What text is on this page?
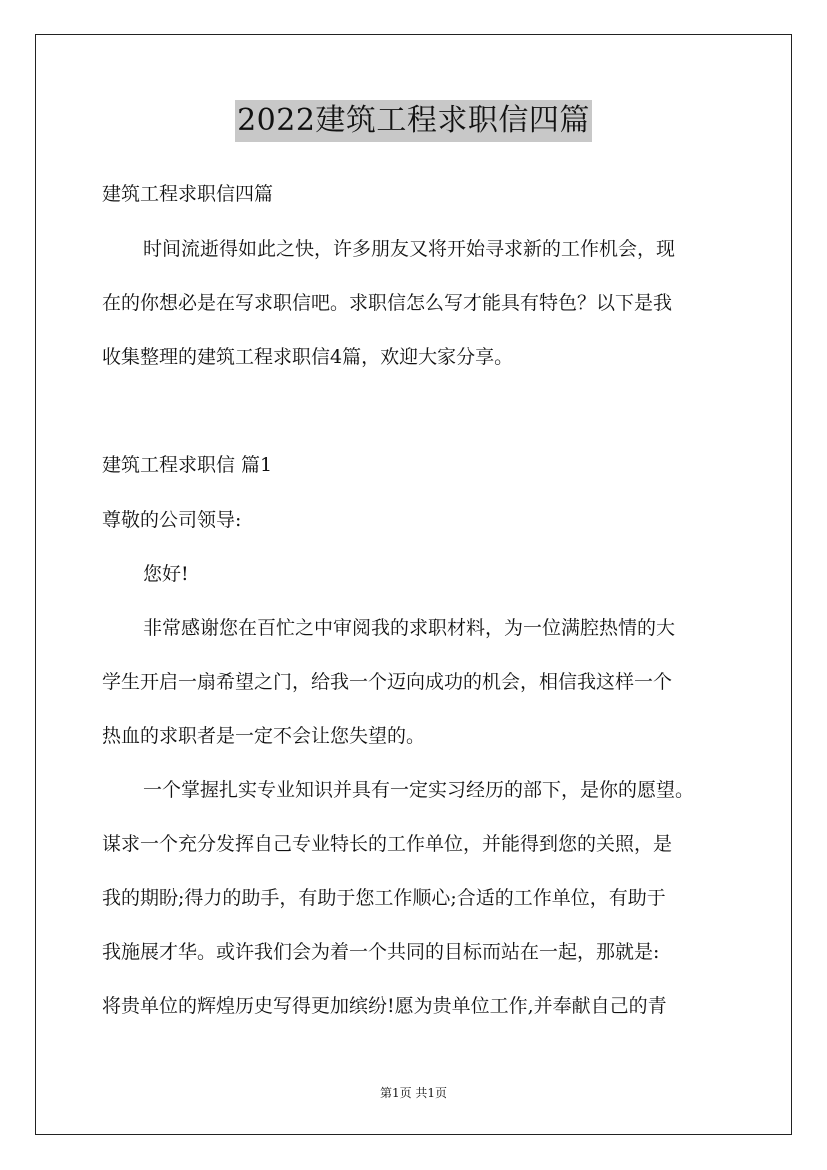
2022建筑工程求职信四篇
建筑工程求职信四篇
时间流逝得如此之快，许多朋友又将开始寻求新的工作机会，现
在的你想必是在写求职信吧。求职信怎么写才能具有特色？以下是我
收集整理的建筑工程求职信4篇，欢迎大家分享。
建筑工程求职信 篇1
尊敬的公司领导:
您好!
非常感谢您在百忙之中审阅我的求职材料，为一位满腔热情的大
学生开启一扇希望之门，给我一个迈向成功的机会，相信我这样一个
热血的求职者是一定不会让您失望的。
一个掌握扎实专业知识并具有一定实习经历的部下，是你的愿望。
谋求一个充分发挥自己专业特长的工作单位，并能得到您的关照，是
我的期盼;得力的助手，有助于您工作顺心;合适的工作单位，有助于
我施展才华。或许我们会为着一个共同的目标而站在一起，那就是:
将贵单位的辉煌历史写得更加缤纷!愿为贵单位工作,并奉献自己的青
第1页 共1页
